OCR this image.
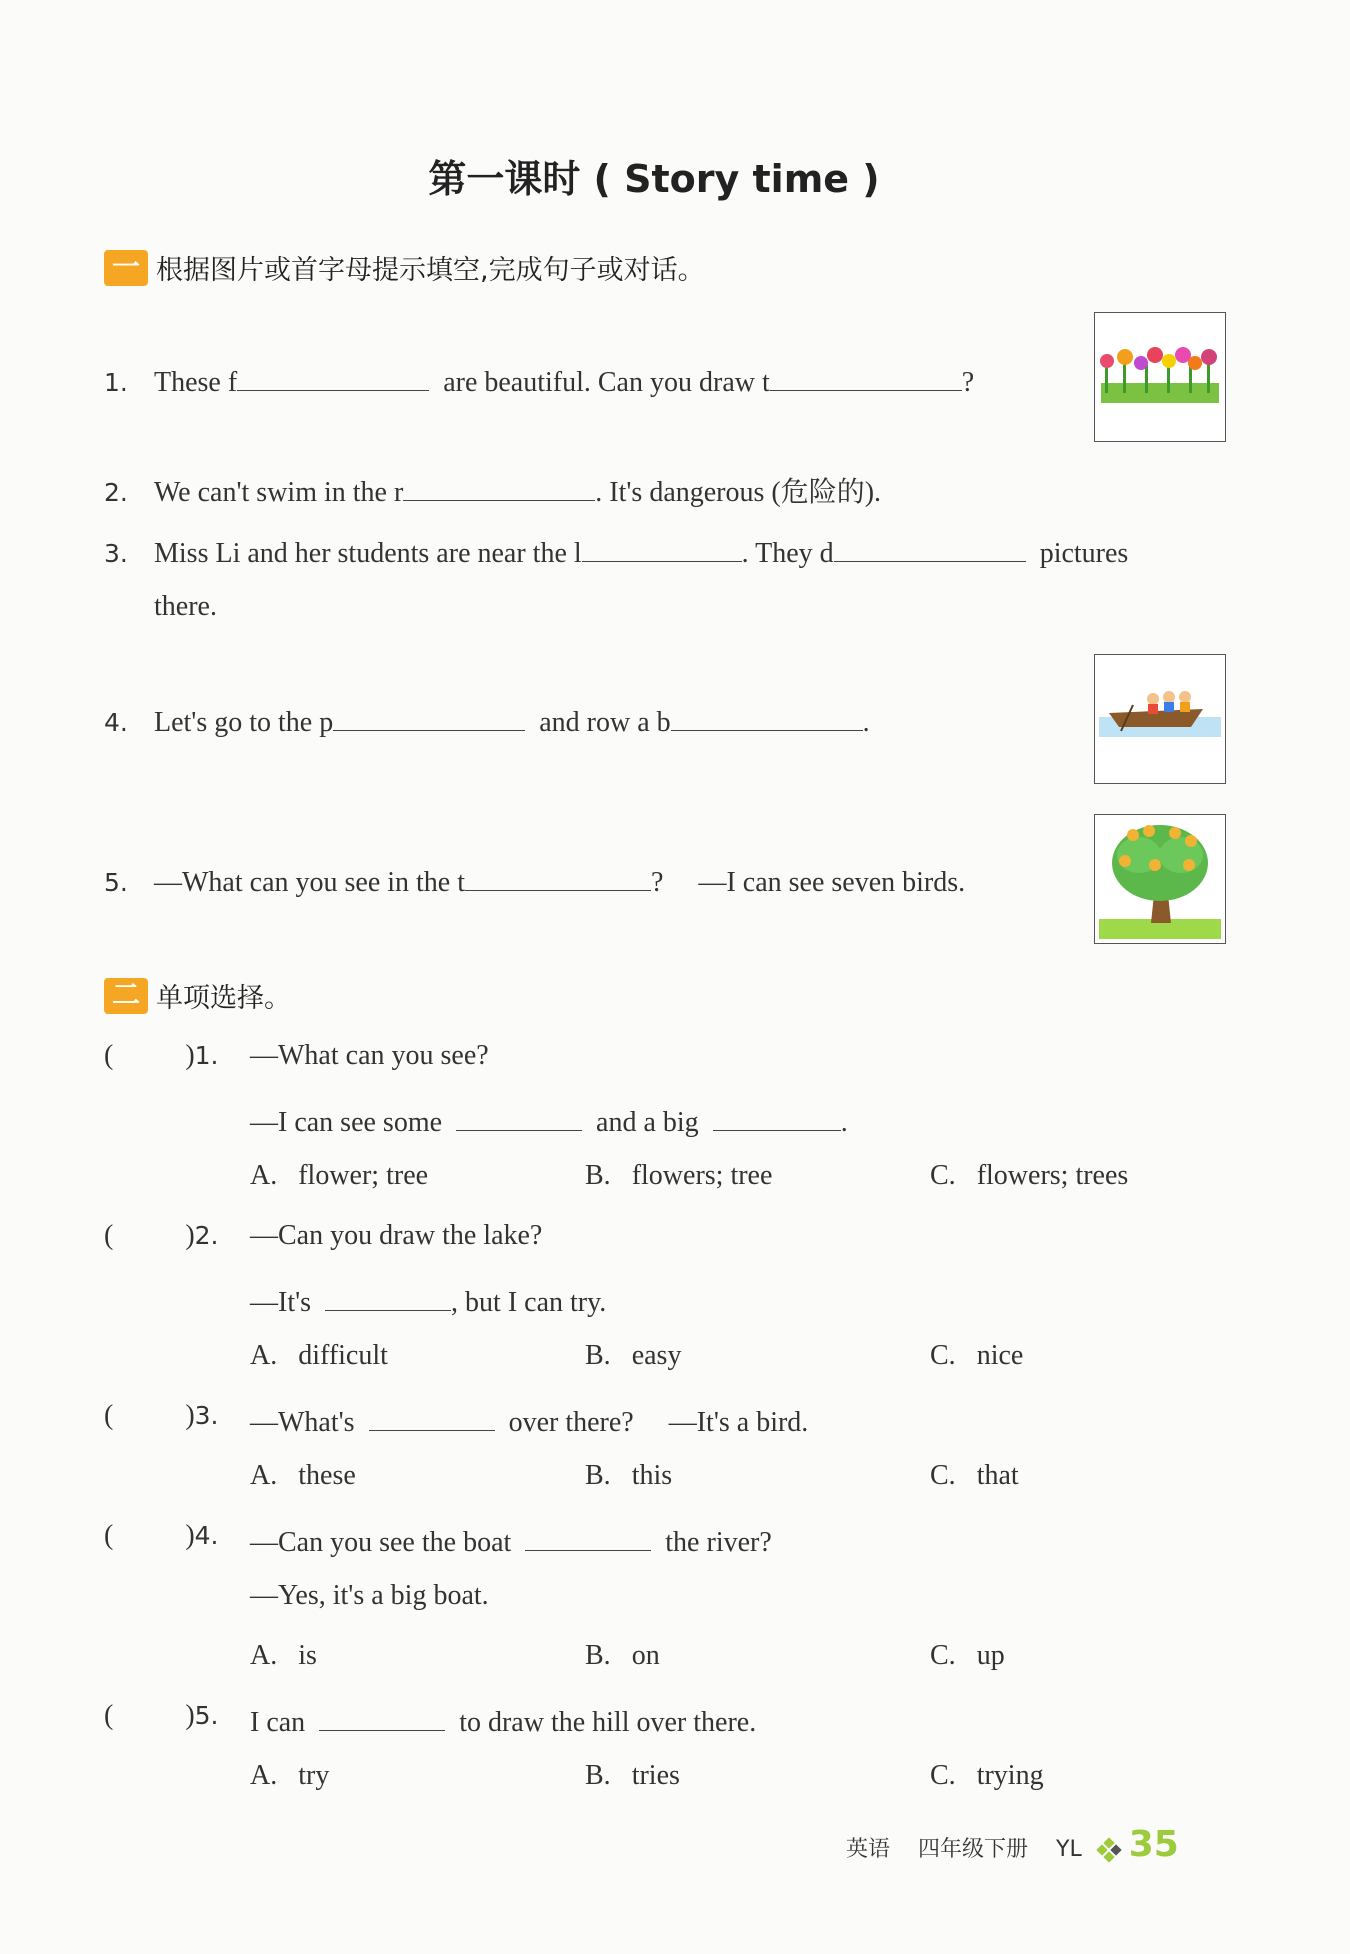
第一课时 ( Story time )
一 根据图片或首字母提示填空,完成句子或对话。
1. These f	are beautiful. Can you draw t	?
2. We can't swim in the r	. It's dangerous (危险的).
3. Miss Li and her students are near the l	. They d	pictures
there.
4. Let's go to the p	and row a b	.
5. —What can you see in the t	? —I can see seven birds.
二 单项选择。
(	)1. —What can you see?
—I can see some	and a big	.
A. flower; tree	B. flowers; tree	C. flowers; trees
(	)2. —Can you draw the lake?
—It's	, but I can try.
A. difficult	B. easy	C. nice
(	)3. —What's	over there? —It's a bird.
A. these	B. this	C. that
(	)4. —Can you see the boat	the river?
—Yes, it's a big boat.
A. is	B. on	C. up
(	)5. I can	to draw the hill over there.
A. try	B. tries	C. trying
英语 四年级下册 YL 35
